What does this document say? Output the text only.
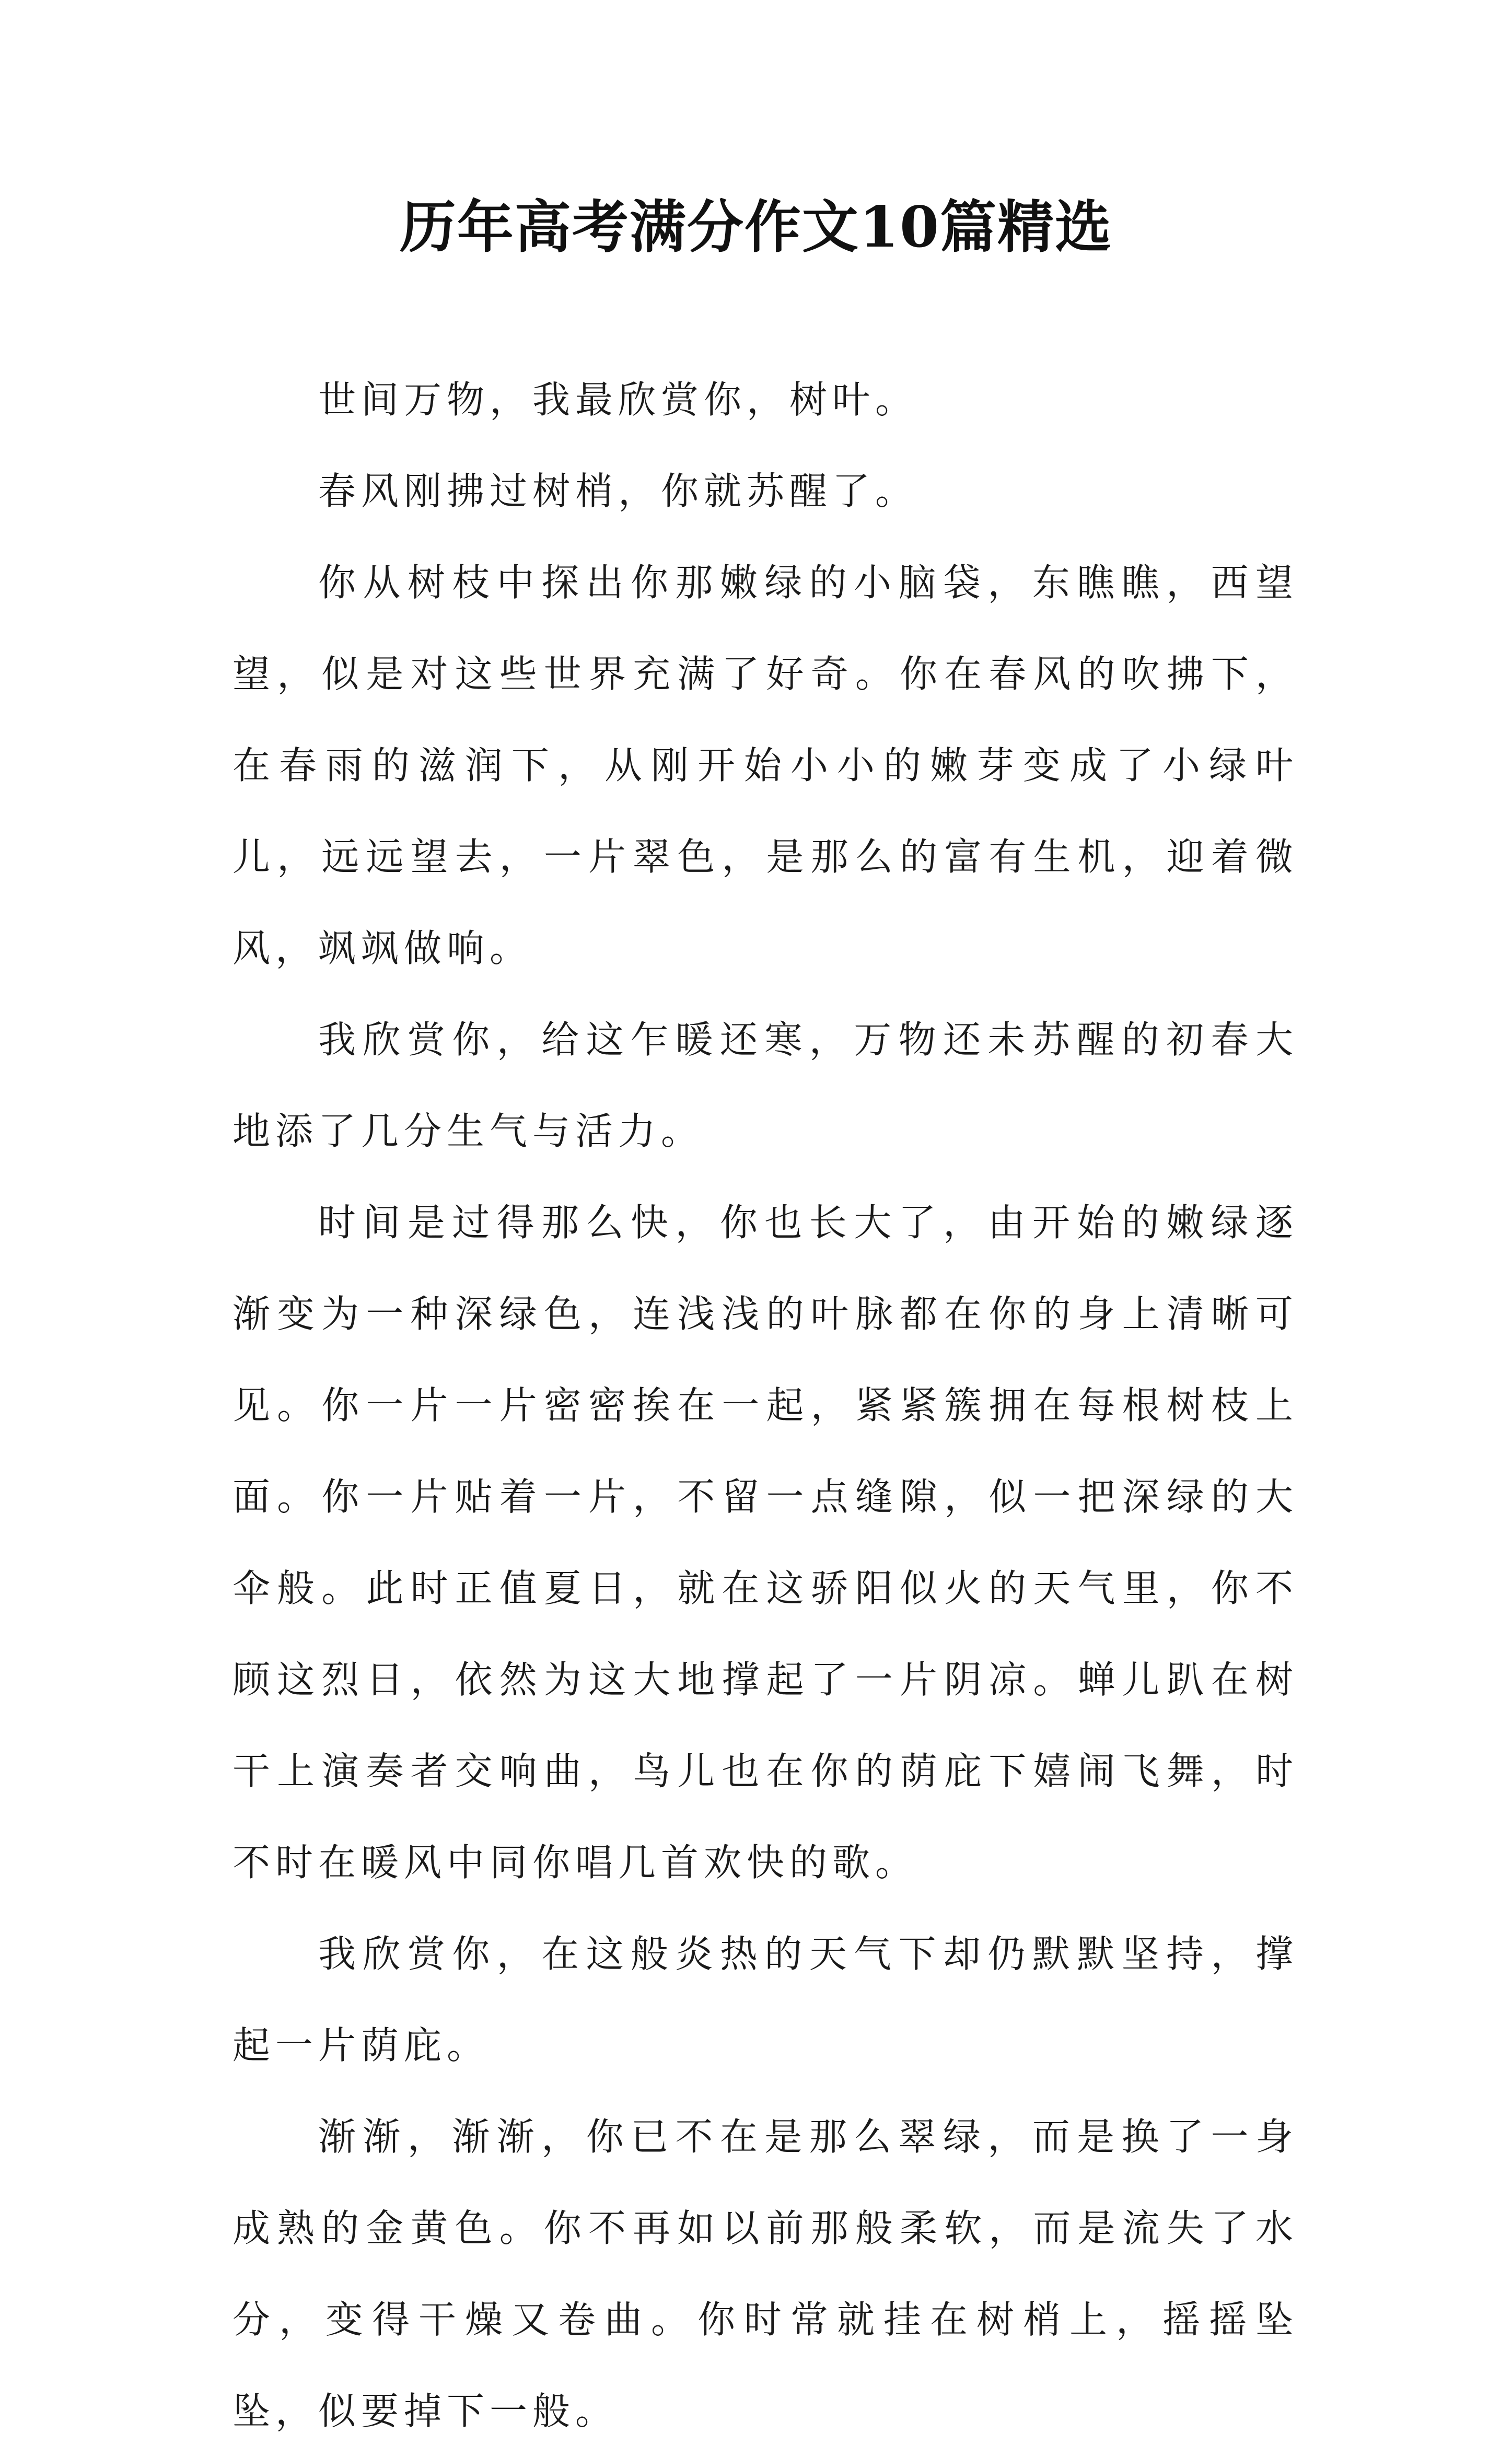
历年高考满分作文10篇精选

世间万物，我最欣赏你，树叶。

春风刚拂过树梢，你就苏醒了。

你从树枝中探出你那嫩绿的小脑袋，东瞧瞧，西望望，似是对这些世界充满了好奇。你在春风的吹拂下，在春雨的滋润下，从刚开始小小的嫩芽变成了小绿叶儿，远远望去，一片翠色，是那么的富有生机，迎着微风，飒飒做响。

我欣赏你，给这乍暖还寒，万物还未苏醒的初春大地添了几分生气与活力。

时间是过得那么快，你也长大了，由开始的嫩绿逐渐变为一种深绿色，连浅浅的叶脉都在你的身上清晰可见。你一片一片密密挨在一起，紧紧簇拥在每根树枝上面。你一片贴着一片，不留一点缝隙，似一把深绿的大伞般。此时正值夏日，就在这骄阳似火的天气里，你不顾这烈日，依然为这大地撑起了一片阴凉。蝉儿趴在树干上演奏者交响曲，鸟儿也在你的荫庇下嬉闹飞舞，时不时在暖风中同你唱几首欢快的歌。

我欣赏你，在这般炎热的天气下却仍默默坚持，撑起一片荫庇。

渐渐，渐渐，你已不在是那么翠绿，而是换了一身成熟的金黄色。你不再如以前那般柔软，而是流失了水分，变得干燥又卷曲。你时常就挂在树梢上，摇摇坠坠，似要掉下一般。
